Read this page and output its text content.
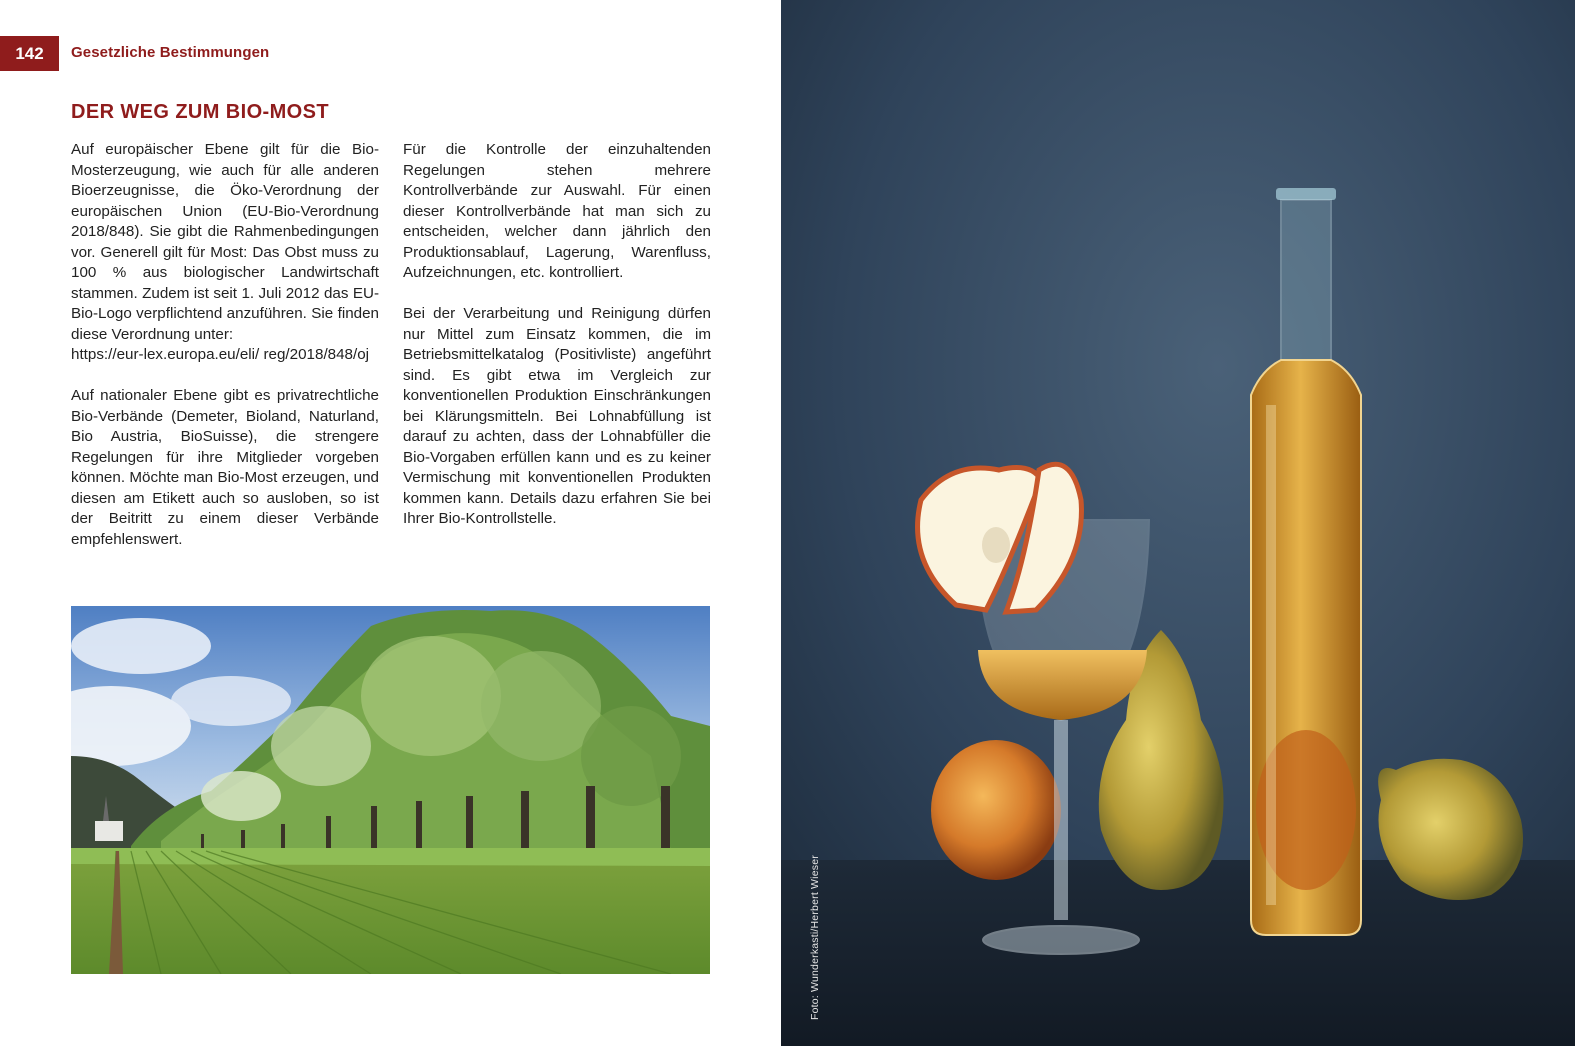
142	Gesetzliche Bestimmungen
DER WEG ZUM BIO-MOST

Auf europäischer Ebene gilt für die Bio-Mosterzeugung, wie auch für alle anderen Bioerzeugnisse, die Öko-Verordnung der europäischen Union (EU-Bio-Verordnung 2018/848). Sie gibt die Rahmenbedingungen vor. Generell gilt für Most: Das Obst muss zu 100 % aus biologischer Landwirtschaft stammen. Zudem ist seit 1. Juli 2012 das EU-Bio-Logo verpflichtend anzuführen. Sie finden diese Verordnung unter:

https://eur-lex.europa.eu/eli/ reg/2018/848/oj

Auf nationaler Ebene gibt es privatrechtliche Bio-Verbände (Demeter, Bioland, Naturland, Bio Austria, BioSuisse), die strengere Regelungen für ihre Mitglieder vorgeben können. Möchte man Bio-Most erzeugen, und diesen am Etikett auch so ausloben, so ist der Beitritt zu einem dieser Verbände empfehlenswert.

Für die Kontrolle der einzuhaltenden Regelungen stehen mehrere Kontrollverbände zur Auswahl. Für einen dieser Kontrollverbände hat man sich zu entscheiden, welcher dann jährlich den Produktionsablauf, Lagerung, Warenfluss, Aufzeichnungen, etc. kontrolliert.

Bei der Verarbeitung und Reinigung dürfen nur Mittel zum Einsatz kommen, die im Betriebsmittelkatalog (Positivliste) angeführt sind. Es gibt etwa im Vergleich zur konventionellen Produktion Einschränkungen bei Klärungsmitteln. Bei Lohnabfüllung ist darauf zu achten, dass der Lohnabfüller die Bio-Vorgaben erfüllen kann und es zu keiner Vermischung mit konventionellen Produkten kommen kann. Details dazu erfahren Sie bei Ihrer Bio-Kontrollstelle.

Foto: Wunderkasti/Herbert Wieser
